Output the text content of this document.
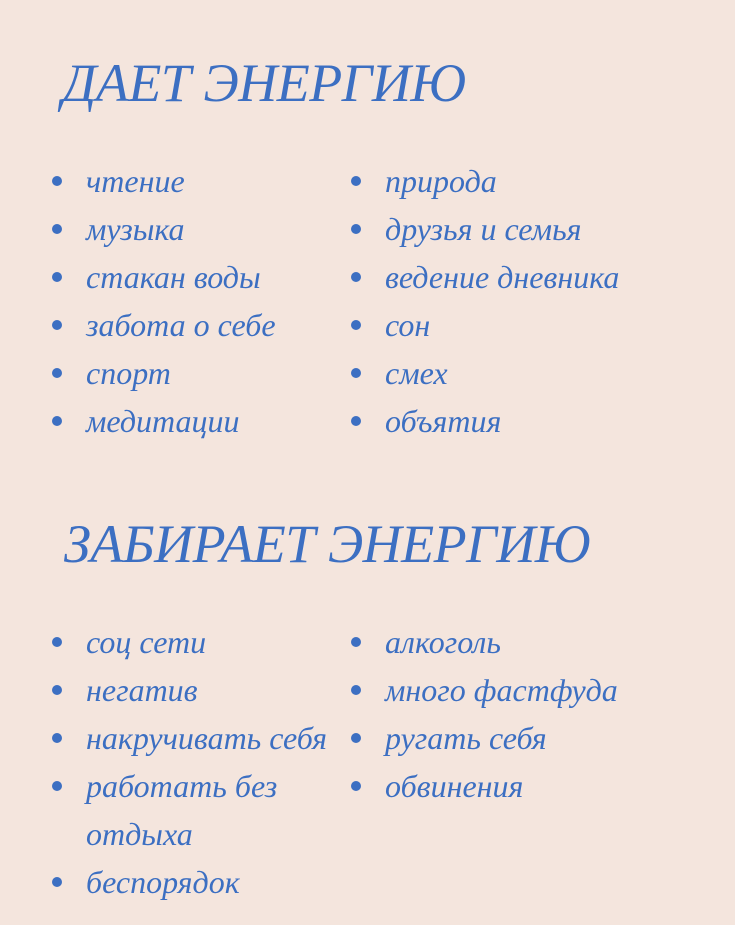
ДАЕТ ЭНЕРГИЮ
чтение
музыка
стакан воды
забота о себе
спорт
медитации
природа
друзья и семья
ведение дневника
сон
смех
объятия
ЗАБИРАЕТ ЭНЕРГИЮ
соц сети
негатив
накручивать себя
работать без отдыха
беспорядок
алкоголь
много фастфуда
ругать себя
обвинения
